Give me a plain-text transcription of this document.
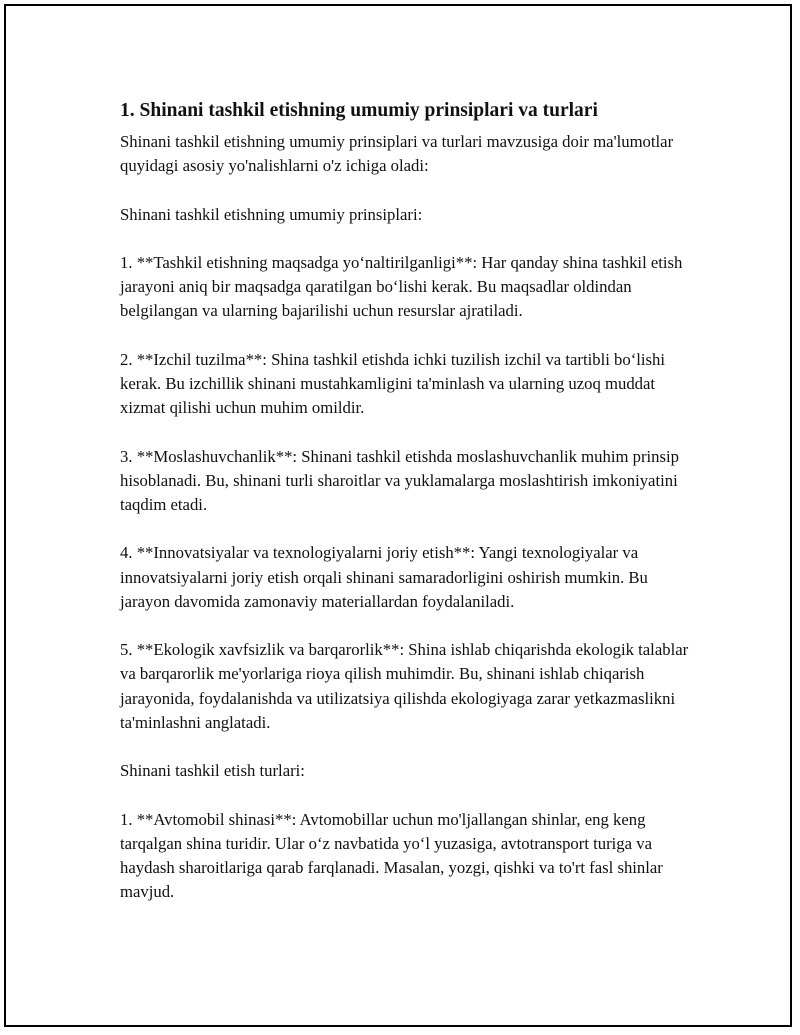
1. Shinani tashkil etishning umumiy prinsiplari va turlari

Shinani tashkil etishning umumiy prinsiplari va turlari mavzusiga doir ma'lumotlar quyidagi asosiy yo'nalishlarni o'z ichiga oladi:

Shinani tashkil etishning umumiy prinsiplari:

1. **Tashkil etishning maqsadga yo‘naltirilganligi**: Har qanday shina tashkil etish jarayoni aniq bir maqsadga qaratilgan bo‘lishi kerak. Bu maqsadlar oldindan belgilangan va ularning bajarilishi uchun resurslar ajratiladi.

2. **Izchil tuzilma**: Shina tashkil etishda ichki tuzilish izchil va tartibli bo‘lishi kerak. Bu izchillik shinani mustahkamligini ta'minlash va ularning uzoq muddat xizmat qilishi uchun muhim omildir.

3. **Moslashuvchanlik**: Shinani tashkil etishda moslashuvchanlik muhim prinsip hisoblanadi. Bu, shinani turli sharoitlar va yuklamalarga moslashtirish imkoniyatini taqdim etadi.

4. **Innovatsiyalar va texnologiyalarni joriy etish**: Yangi texnologiyalar va innovatsiyalarni joriy etish orqali shinani samaradorligini oshirish mumkin. Bu jarayon davomida zamonaviy materiallardan foydalaniladi.

5. **Ekologik xavfsizlik va barqarorlik**: Shina ishlab chiqarishda ekologik talablar va barqarorlik me'yorlariga rioya qilish muhimdir. Bu, shinani ishlab chiqarish jarayonida, foydalanishda va utilizatsiya qilishda ekologiyaga zarar yetkazmaslikni ta'minlashni anglatadi.

Shinani tashkil etish turlari:

1. **Avtomobil shinasi**: Avtomobillar uchun mo'ljallangan shinlar, eng keng tarqalgan shina turidir. Ular o‘z navbatida yo‘l yuzasiga, avtotransport turiga va haydash sharoitlariga qarab farqlanadi. Masalan, yozgi, qishki va to'rt fasl shinlar mavjud.
